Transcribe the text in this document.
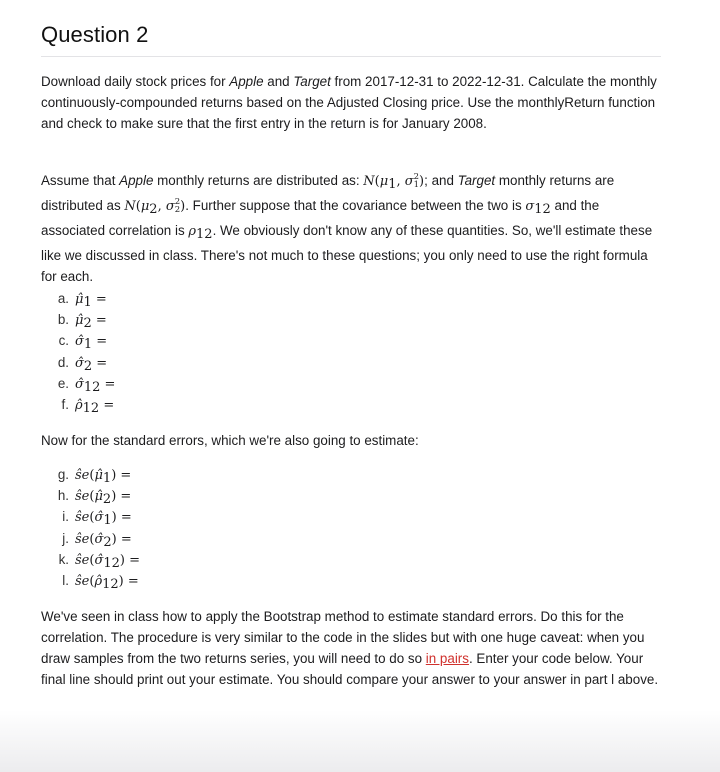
Question 2

Download daily stock prices for Apple and Target from 2017-12-31 to 2022-12-31. Calculate the monthly continuously-compounded returns based on the Adjusted Closing price. Use the monthlyReturn function and check to make sure that the first entry in the return is for January 2008.

Assume that Apple monthly returns are distributed as: $N(\mu_1$, σ 2
1 ); and Target monthly returns are distributed as $N(\mu_2$, σ 2
2 ). Further suppose that the covariance between the two is $\sigma_{12}$ and the associated correlation is $\rho_{12}$. We obviously don't know any of these quantities. So, we'll estimate these like we discussed in class. There's not much to these questions; you only need to use the right formula for each.

a. $\mû_1$ =
b. $\mû_2$ =
c. $\sigmâ_1$ =
d. $\sigmâ_2$ =
e. $\sigmâ_{12}$ =
f. $\rhô_{12}$ =

Now for the standard errors, which we're also going to estimate:

g. $ŝe(\mû_1)$ =
h. $ŝe(\mû_2)$ =
i. $ŝe(\sigmâ_1)$ =
j. $ŝe(\sigmâ_2)$ =
k. $ŝe(\sigmâ_{12})$ =
l. $ŝe(\rhô_{12})$ =

We've seen in class how to apply the Bootstrap method to estimate standard errors. Do this for the correlation. The procedure is very similar to the code in the slides but with one huge caveat: when you draw samples from the two returns series, you will need to do so in pairs. Enter your code below. Your final line should print out your estimate. You should compare your answer to your answer in part l above.
